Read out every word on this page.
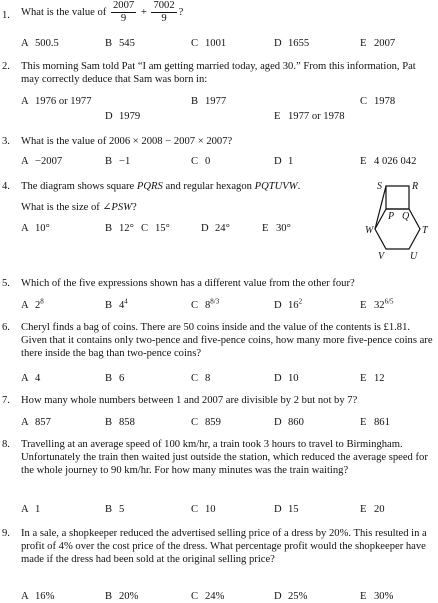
1. What is the value of $\frac{2007}{9} + \frac{7002}{9}$ ?
A 500.5	B 545	C 1001	D 1655	E 2007
2. This morning Sam told Pat “I am getting married today, aged 30.” From this information, Pat may correctly deduce that Sam was born in:
A 1976 or 1977	B 1977	C 1978
D 1979	E 1977 or 1978
3. What is the value of 2006 × 2008 − 2007 × 2007?
A −2007	B −1	C 0	D 1	E 4 026 042
4. The diagram shows square PQRS and regular hexagon PQTUVW.
What is the size of ∠PSW?
A 10°	B 12° C 15°	D 24°	E 30°
S	R
P Q
W	T
V	U
5. Which of the five expressions shown has a different value from the other four?
A $2^8$	B $4^4$	C $8^{8/3}$	D $16^2$	E $32^{6/5}$
6. Cheryl finds a bag of coins. There are 50 coins inside and the value of the contents is £1.81. Given that it contains only two-pence and five-pence coins, how many more five-pence coins are there inside the bag than two-pence coins?
A 4	B 6	C 8	D 10	E 12
7. How many whole numbers between 1 and 2007 are divisible by 2 but not by 7?
A 857	B 858	C 859	D 860	E 861
8. Travelling at an average speed of 100 km/hr, a train took 3 hours to travel to Birmingham. Unfortunately the train then waited just outside the station, which reduced the average speed for the whole journey to 90 km/hr. For how many minutes was the train waiting?
A 1	B 5	C 10	D 15	E 20
9. In a sale, a shopkeeper reduced the advertised selling price of a dress by 20%. This resulted in a profit of 4% over the cost price of the dress. What percentage profit would the shopkeeper have made if the dress had been sold at the original selling price?
A 16%	B 20%	C 24%	D 25%	E 30%
